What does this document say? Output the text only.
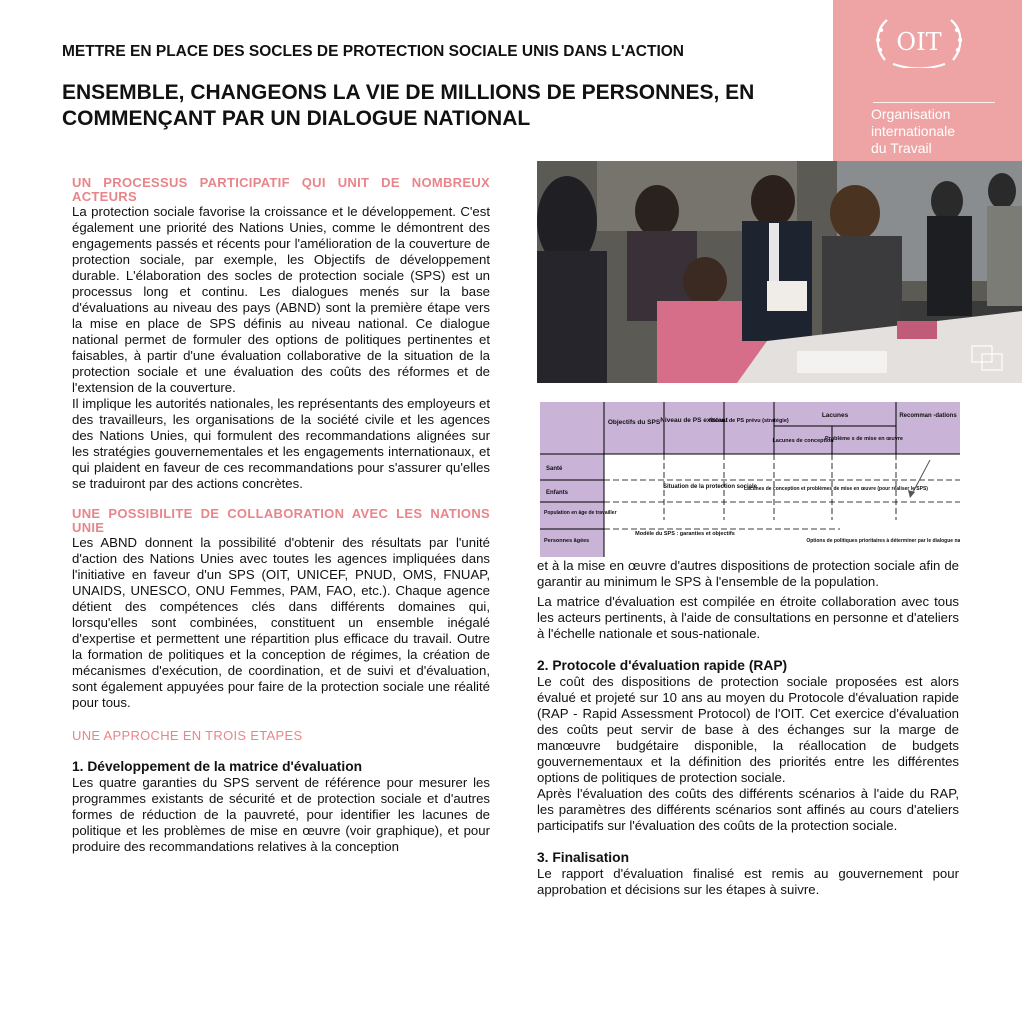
METTRE EN PLACE DES SOCLES DE PROTECTION SOCIALE UNIS DANS L'ACTION
ENSEMBLE, CHANGEONS LA VIE DE MILLIONS DE PERSONNES, EN COMMENÇANT PAR UN DIALOGUE NATIONAL
OIT
Organisation
internationale
du Travail
UN PROCESSUS PARTICIPATIF QUI UNIT DE NOMBREUX ACTEURS

La protection sociale favorise la croissance et le développement. C'est également une priorité des Nations Unies, comme le démontrent des engagements passés et récents pour l'amélioration de la couverture de protection sociale, par exemple, les Objectifs de développement durable. L'élaboration des socles de protection sociale (SPS) est un processus long et continu. Les dialogues menés sur la base d'évaluations au niveau des pays (ABND) sont la première étape vers la mise en place de SPS définis au niveau national. Ce dialogue national permet de formuler des options de politiques pertinentes et faisables, à partir d'une évaluation collaborative de la situation de la protection sociale et une évaluation des coûts des réformes et de l'extension de la couverture.

Il implique les autorités nationales, les représentants des employeurs et des travailleurs, les organisations de la société civile et les agences des Nations Unies, qui formulent des recommandations alignées sur les stratégies gouvernementales et les engagements internationaux, et qui plaident en faveur de ces recommandations pour s'assurer qu'elles se traduiront par des actions concrètes.

UNE POSSIBILITE DE COLLABORATION AVEC LES NATIONS UNIE

Les ABND donnent la possibilité d'obtenir des résultats par l'unité d'action des Nations Unies avec toutes les agences impliquées dans l'initiative en faveur d'un SPS (OIT, UNICEF, PNUD, OMS, FNUAP, UNAIDS, UNESCO, ONU Femmes, PAM, FAO, etc.). Chaque agence détient des compétences clés dans différents domaines qui, lorsqu'elles sont combinées, constituent un ensemble inégalé d'expertise et permettent une répartition plus efficace du travail. Outre la formation de politiques et la conception de régimes, la création de mécanismes d'exécution, de coordination, et de suivi et d'évaluation, sont également appuyées pour faire de la protection sociale une réalité pour tous.

UNE APPROCHE EN TROIS ETAPES
1. Développement de la matrice d'évaluation

Les quatre garanties du SPS servent de référence pour mesurer les programmes existants de sécurité et de protection sociale et d'autres formes de réduction de la pauvreté, pour identifier les lacunes de politique et les problèmes de mise en œuvre (voir graphique), et pour produire des recommandations relatives à la conception

Objectifs du SPS Niveau de PS existant
Niveau de PS prévu (stratégie)
Lacunes	Recomman -dations
Lacunes de conception
Problème s de mise en œuvre
Santé
Enfants
Population en âge de travailler
Personnes âgées
Situation de la protection sociale
Lacunes de conception et problèmes de mise en œuvre (pour réaliser le SPS)
Modèle du SPS : garanties et objectifs
Options de politiques prioritaires à déterminer par le dialogue national

et à la mise en œuvre d'autres dispositions de protection sociale afin de garantir au minimum le SPS à l'ensemble de la population.

La matrice d'évaluation est compilée en étroite collaboration avec tous les acteurs pertinents, à l'aide de consultations en personne et d'ateliers à l'échelle nationale et sous-nationale.

2. Protocole d'évaluation rapide (RAP)

Le coût des dispositions de protection sociale proposées est alors évalué et projeté sur 10 ans au moyen du Protocole d'évaluation rapide (RAP - Rapid Assessment Protocol) de l'OIT. Cet exercice d'évaluation des coûts peut servir de base à des échanges sur la marge de manœuvre budgétaire disponible, la réallocation de budgets gouvernementaux et la définition des priorités entre les différentes options de politiques de protection sociale.

Après l'évaluation des coûts des différents scénarios à l'aide du RAP, les paramètres des différents scénarios sont affinés au cours d'ateliers participatifs sur l'évaluation des coûts de la protection sociale.

3. Finalisation

Le rapport d'évaluation finalisé est remis au gouvernement pour approbation et décisions sur les étapes à suivre.
